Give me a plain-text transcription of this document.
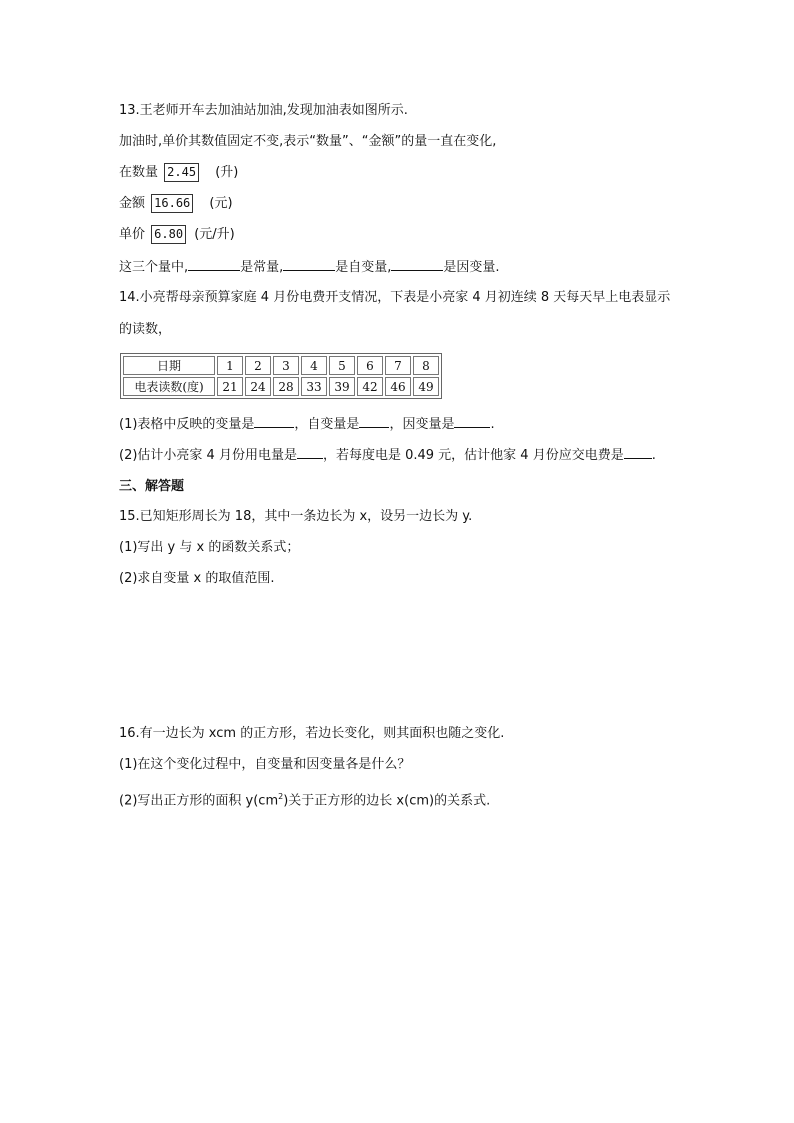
13.王老师开车去加油站加油,发现加油表如图所示.
加油时,单价其数值固定不变,表示“数量”、“金额”的量一直在变化,
在数量 2.45 (升)
金额 16.66 (元)
单价 6.80 (元/升)
这三个量中,	是常量,	是自变量,	是因变量.
14.小亮帮母亲预算家庭 4 月份电费开支情况，下表是小亮家 4 月初连续 8 天每天早上电表显示
的读数，
日期	1	2	3	4	5	6	7	8
电表读数(度)	21	24	28	33	39	42	46	49
(1)表格中反映的变量是	，自变量是 ，因变量是	.
(2)估计小亮家 4 月份用电量是 ，若每度电是 0.49 元，估计他家 4 月份应交电费是 .
三、解答题
15.已知矩形周长为 18，其中一条边长为 x，设另一边长为 y.
(1)写出 y 与 x 的函数关系式；
(2)求自变量 x 的取值范围.
16.有一边长为 xcm 的正方形，若边长变化，则其面积也随之变化.
(1)在这个变化过程中，自变量和因变量各是什么？
(2)写出正方形的面积 $y(cm^2)$关于正方形的边长 x(cm)的关系式.
